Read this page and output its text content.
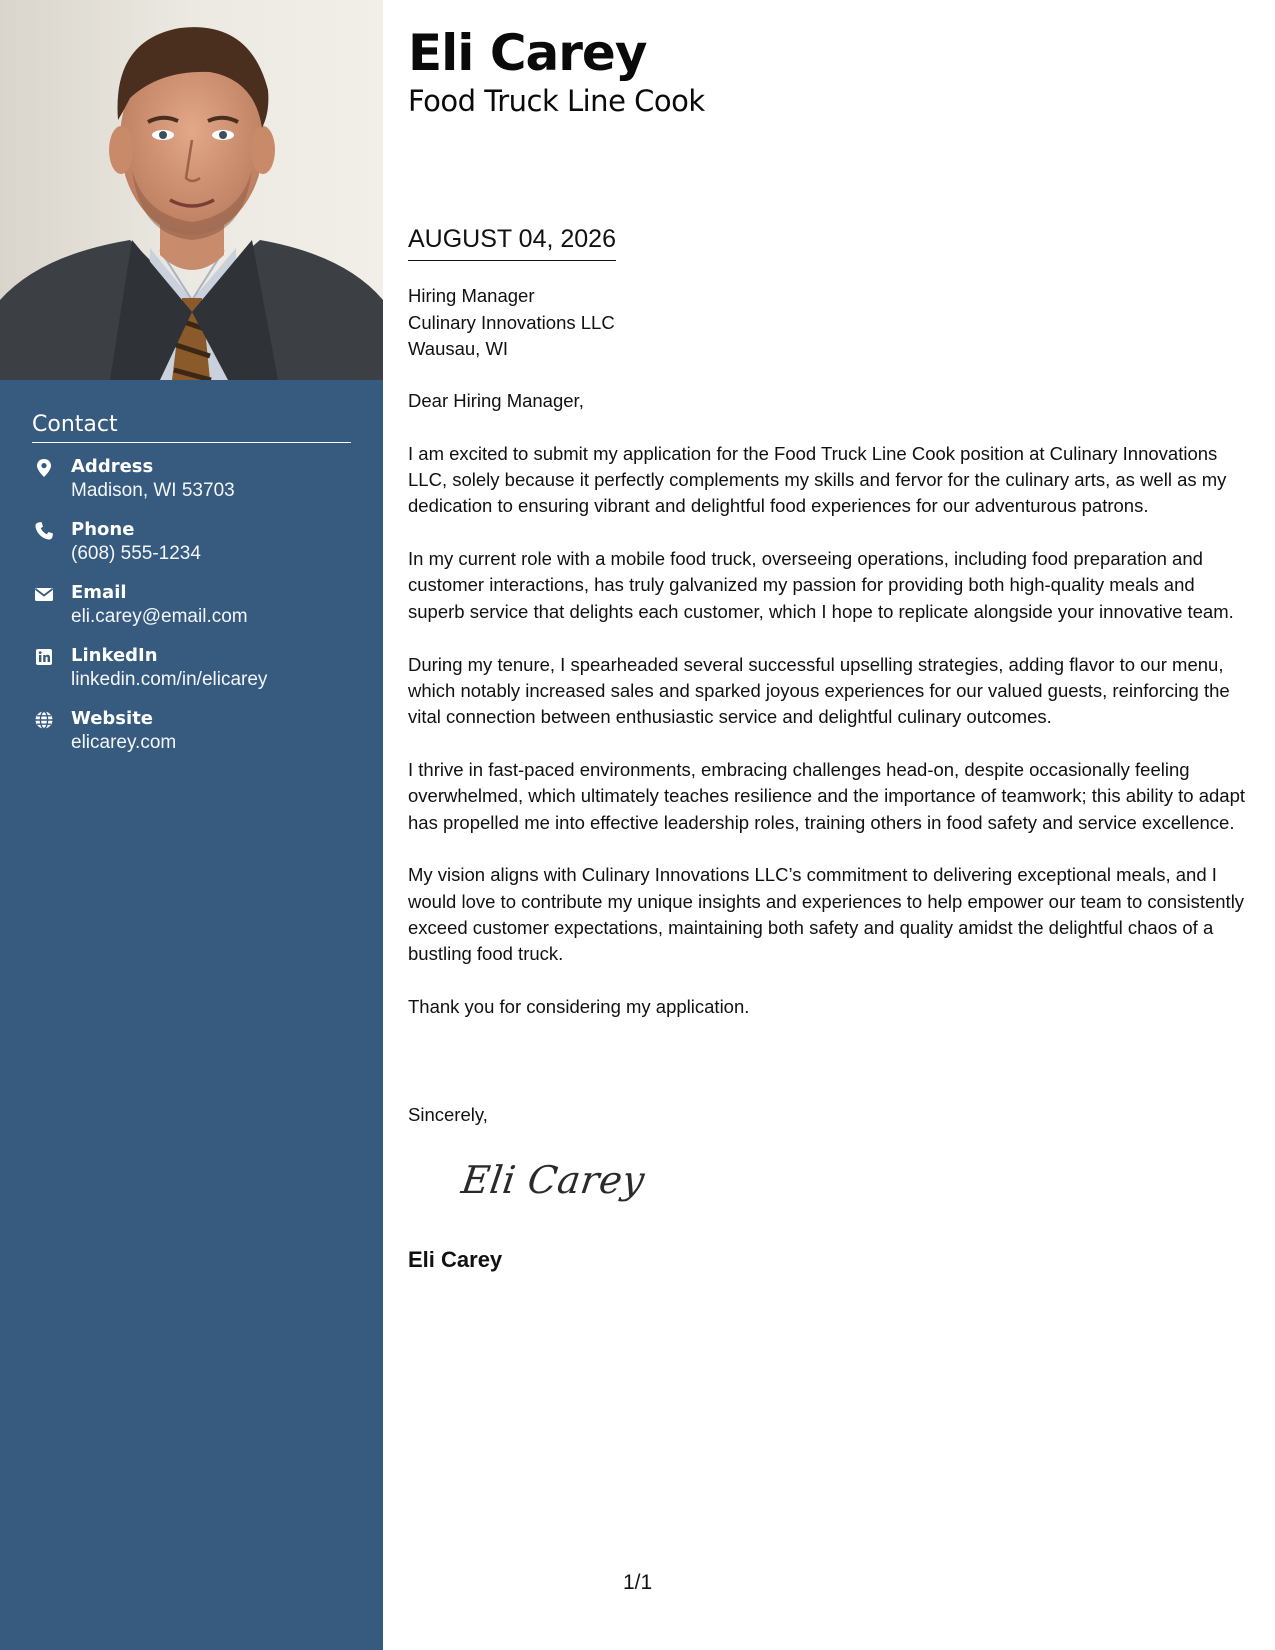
Contact
Address
Madison, WI 53703
Phone
(608) 555-1234
Email
eli.carey@email.com
LinkedIn
linkedin.com/in/elicarey
Website
elicarey.com
Eli Carey
Food Truck Line Cook
AUGUST 04, 2026
Hiring Manager
Culinary Innovations LLC
Wausau, WI

Dear Hiring Manager,

I am excited to submit my application for the Food Truck Line Cook position at Culinary Innovations LLC, solely because it perfectly complements my skills and fervor for the culinary arts, as well as my dedication to ensuring vibrant and delightful food experiences for our adventurous patrons.

In my current role with a mobile food truck, overseeing operations, including food preparation and customer interactions, has truly galvanized my passion for providing both high-quality meals and superb service that delights each customer, which I hope to replicate alongside your innovative team.

During my tenure, I spearheaded several successful upselling strategies, adding flavor to our menu, which notably increased sales and sparked joyous experiences for our valued guests, reinforcing the vital connection between enthusiastic service and delightful culinary outcomes.

I thrive in fast-paced environments, embracing challenges head-on, despite occasionally feeling overwhelmed, which ultimately teaches resilience and the importance of teamwork; this ability to adapt has propelled me into effective leadership roles, training others in food safety and service excellence.

My vision aligns with Culinary Innovations LLC’s commitment to delivering exceptional meals, and I would love to contribute my unique insights and experiences to help empower our team to consistently exceed customer expectations, maintaining both safety and quality amidst the delightful chaos of a bustling food truck.

Thank you for considering my application.

Sincerely,
Eli Carey
Eli Carey
1/1
